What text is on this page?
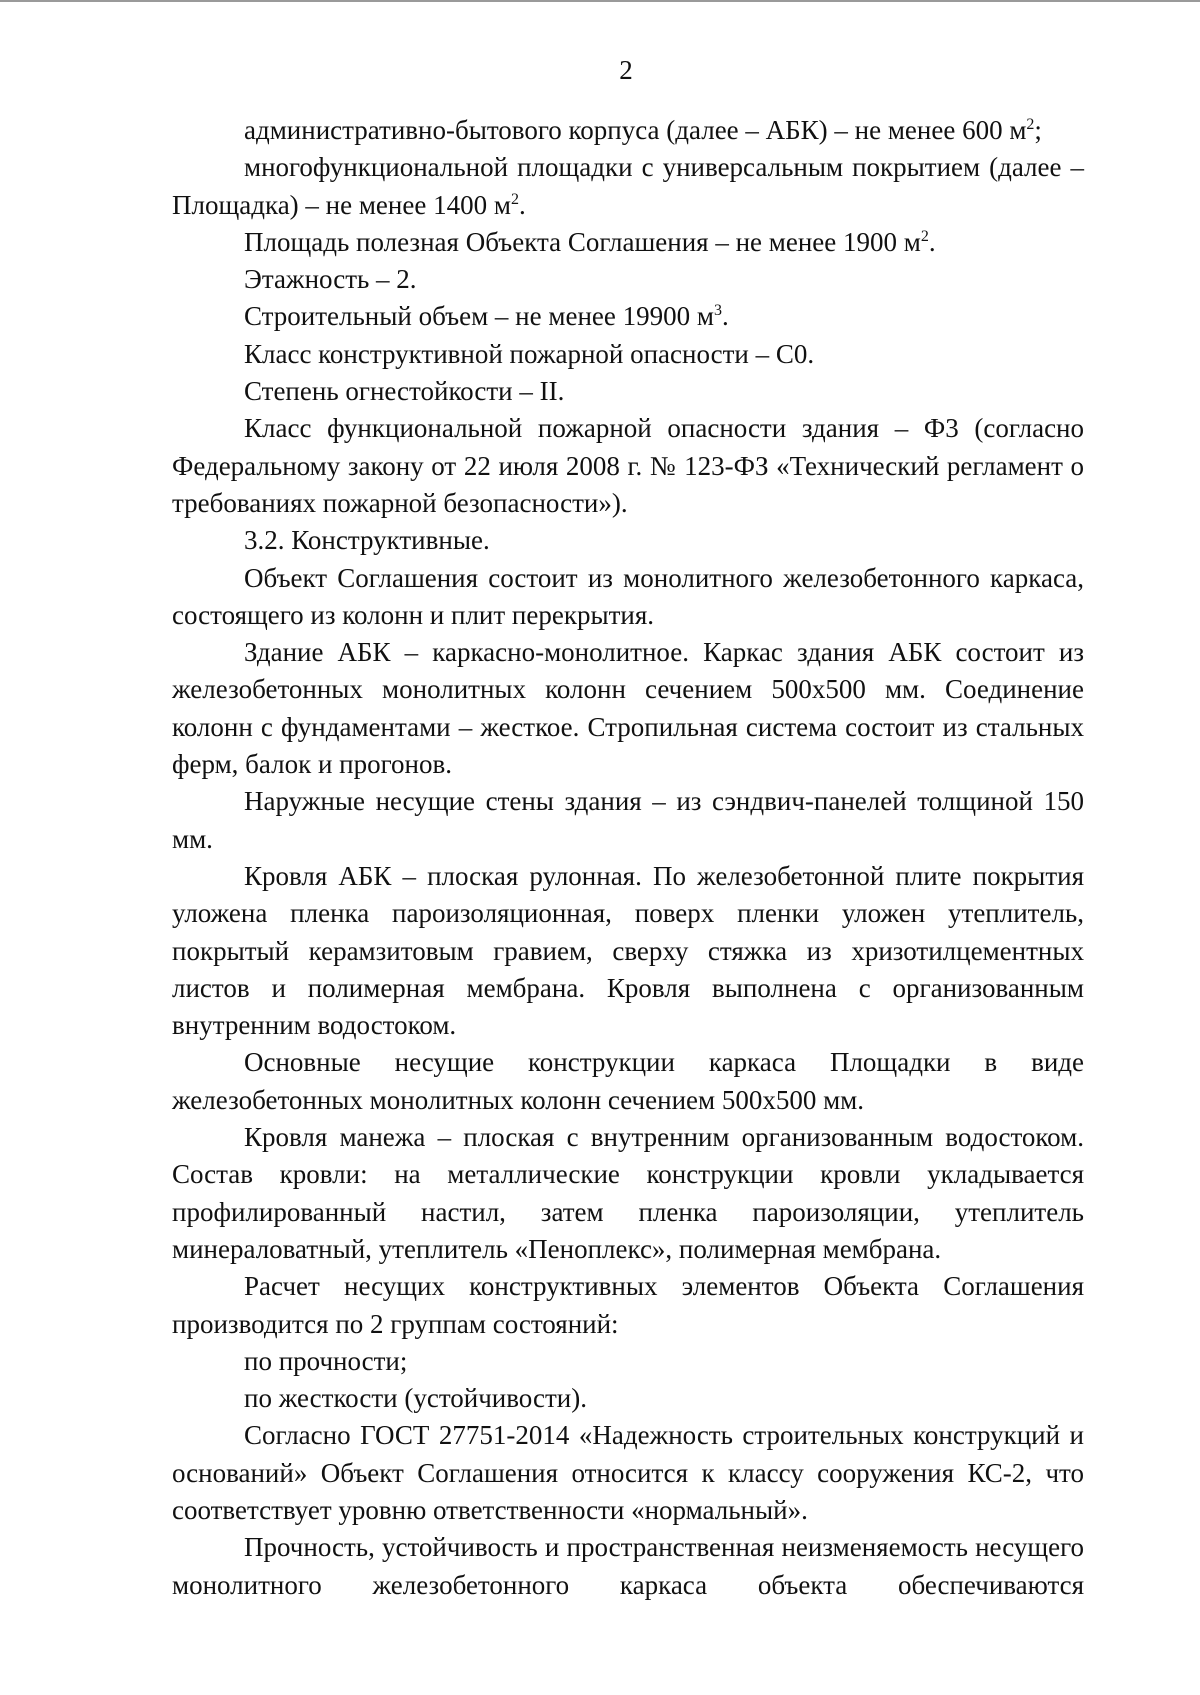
2

административно-бытового корпуса (далее – АБК) – не менее 600 $м^2$;

многофункциональной площадки с универсальным покрытием (далее – Площадка) – не менее 1400 $м^2$.

Площадь полезная Объекта Соглашения – не менее 1900 $м^2$.

Этажность – 2.

Строительный объем – не менее 19900 $м^3$.

Класс конструктивной пожарной опасности – С0.

Степень огнестойкости – II.

Класс функциональной пожарной опасности здания – Ф3 (согласно Федеральному закону от 22 июля 2008 г. № 123-ФЗ «Технический регламент о требованиях пожарной безопасности»).

3.2. Конструктивные.

Объект Соглашения состоит из монолитного железобетонного каркаса, состоящего из колонн и плит перекрытия.

Здание АБК – каркасно-монолитное. Каркас здания АБК состоит из железобетонных монолитных колонн сечением 500х500 мм. Соединение колонн с фундаментами – жесткое. Стропильная система состоит из стальных ферм, балок и прогонов.

Наружные несущие стены здания – из сэндвич-панелей толщиной 150 мм.

Кровля АБК – плоская рулонная. По железобетонной плите покрытия уложена пленка пароизоляционная, поверх пленки уложен утеплитель, покрытый керамзитовым гравием, сверху стяжка из хризотилцементных листов и полимерная мембрана. Кровля выполнена с организованным внутренним водостоком.

Основные несущие конструкции каркаса Площадки в виде железобетонных монолитных колонн сечением 500х500 мм.

Кровля манежа – плоская с внутренним организованным водостоком. Состав кровли: на металлические конструкции кровли укладывается профилированный настил, затем пленка пароизоляции, утеплитель минераловатный, утеплитель «Пеноплекс», полимерная мембрана.

Расчет несущих конструктивных элементов Объекта Соглашения производится по 2 группам состояний:

по прочности;

по жесткости (устойчивости).

Согласно ГОСТ 27751-2014 «Надежность строительных конструкций и оснований» Объект Соглашения относится к классу сооружения КС-2, что соответствует уровню ответственности «нормальный».

Прочность, устойчивость и пространственная неизменяемость несущего монолитного железобетонного каркаса объекта обеспечиваются
